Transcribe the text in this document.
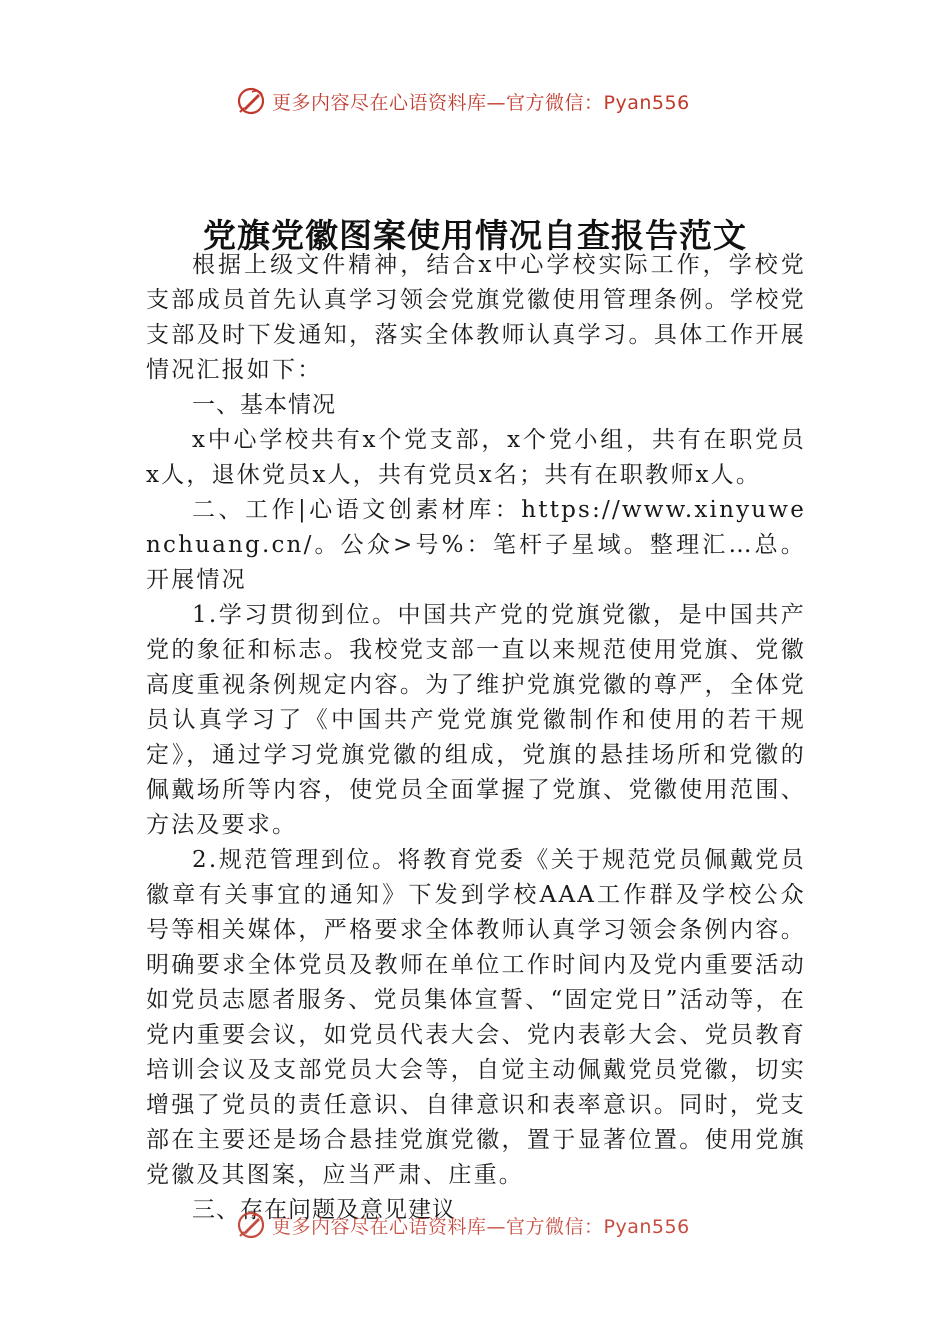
更多内容尽在心语资料库—官方微信：Pyan556
党旗党徽图案使用情况自查报告范文

根据上级文件精神，结合x中心学校实际工作，学校党支部成员首先认真学习领会党旗党徽使用管理条例。学校党支部及时下发通知，落实全体教师认真学习。具体工作开展情况汇报如下：

一、基本情况

x中心学校共有x个党支部，x个党小组，共有在职党员x人，退休党员x人，共有党员x名；共有在职教师x人。

二、工作|心语文创素材库：https://www.xinyuwenchuang.cn/。公众>号%：笔杆子星域。整理汇…总。开展情况

1.学习贯彻到位。中国共产党的党旗党徽，是中国共产党的象征和标志。我校党支部一直以来规范使用党旗、党徽高度重视条例规定内容。为了维护党旗党徽的尊严，全体党员认真学习了《中国共产党党旗党徽制作和使用的若干规定》，通过学习党旗党徽的组成，党旗的悬挂场所和党徽的佩戴场所等内容，使党员全面掌握了党旗、党徽使用范围、方法及要求。

2.规范管理到位。将教育党委《关于规范党员佩戴党员徽章有关事宜的通知》下发到学校AAA工作群及学校公众号等相关媒体，严格要求全体教师认真学习领会条例内容。明确要求全体党员及教师在单位工作时间内及党内重要活动如党员志愿者服务、党员集体宣誓、“固定党日”活动等，在党内重要会议，如党员代表大会、党内表彰大会、党员教育培训会议及支部党员大会等，自觉主动佩戴党员党徽，切实增强了党员的责任意识、自律意识和表率意识。同时，党支部在主要还是场合悬挂党旗党徽，置于显著位置。使用党旗党徽及其图案，应当严肃、庄重。

三、存在问题及意见建议
更多内容尽在心语资料库—官方微信：Pyan556
